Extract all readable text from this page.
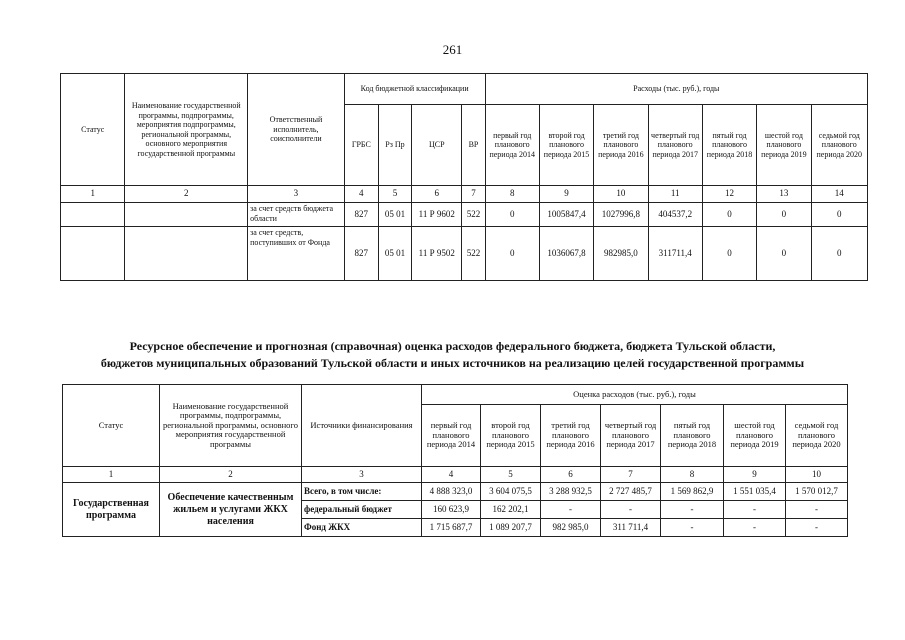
261
Статус	Наименование государственной программы, подпрограммы, мероприятия подпрограммы, региональной программы, основного мероприятия государственной программы	Ответственный исполнитель, соисполнители	Код бюджетной классификации				Расходы (тыс. руб.), годы						
			ГРБС	Рз Пр	ЦСР	ВР	первый год планового периода 2014	второй год планового периода 2015	третий год планового периода 2016	четвертый год планового периода 2017	пятый год планового периода 2018	шестой год планового периода 2019	седьмой год планового периода 2020
1	2	3	4	5	6	7	8	9	10	11	12	13	14
		за счет средств бюджета области	827	05 01	11 Р 9602	522	0	1005847,4	1027996,8	404537,2	0	0	0
		за счет средств, поступивших от Фонда	827	05 01	11 Р 9502	522	0	1036067,8	982985,0	311711,4	0	0	0
Ресурсное обеспечение и прогнозная (справочная) оценка расходов федерального бюджета, бюджета Тульской области,
бюджетов муниципальных образований Тульской области и иных источников на реализацию целей государственной программы
Статус	Наименование государственной программы, подпрограммы, региональной программы, основного мероприятия государственной программы	Источники финансирования	Оценка расходов (тыс. руб.), годы						
			первый год планового периода 2014	второй год планового периода 2015	третий год планового периода 2016	четвертый год планового периода 2017	пятый год планового периода 2018	шестой год планового периода 2019	седьмой год планового периода 2020
1	2	3	4	5	6	7	8	9	10
Государственная программа	Обеспечение качественным жильем и услугами ЖКХ населения	Всего, в том числе:	4 888 323,0	3 604 075,5	3 288 932,5	2 727 485,7	1 569 862,9	1 551 035,4	1 570 012,7
		федеральный бюджет	160 623,9	162 202,1	-	-	-	-	-
		Фонд ЖКХ	1 715 687,7	1 089 207,7	982 985,0	311 711,4	-	-	-
